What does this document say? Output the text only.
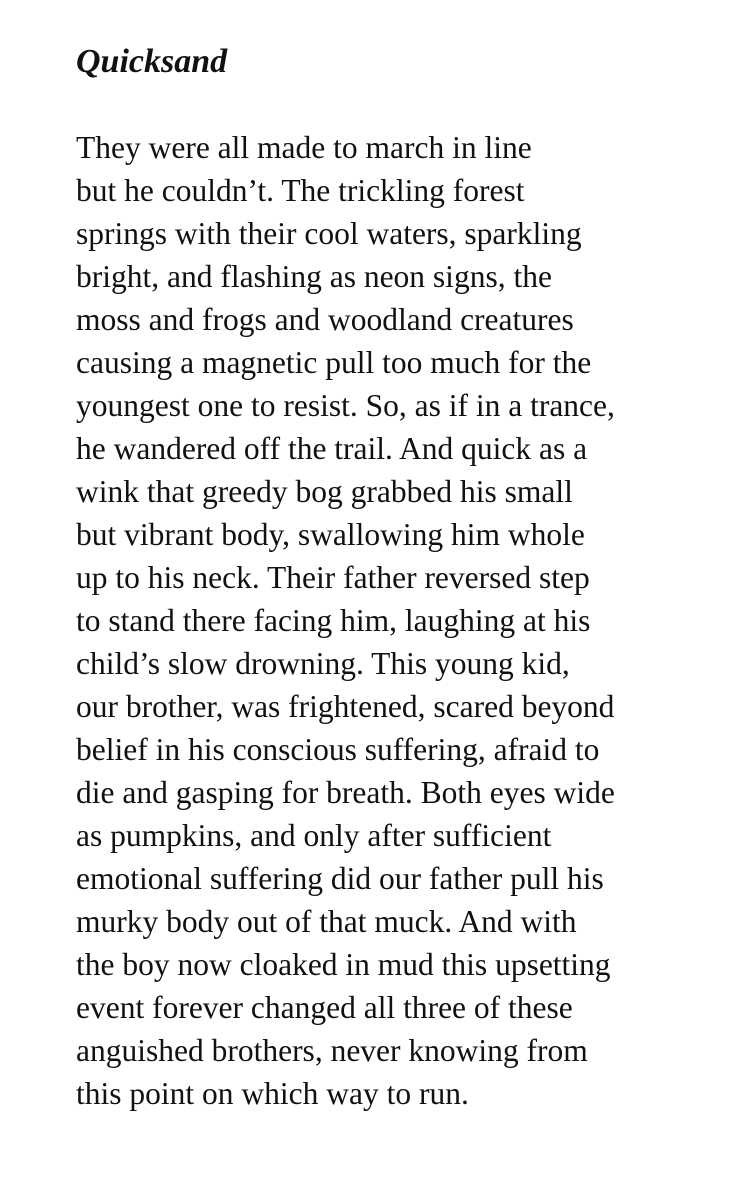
Quicksand
They were all made to march in line
but he couldn’t. The trickling forest
springs with their cool waters, sparkling
bright, and flashing as neon signs, the
moss and frogs and woodland creatures
causing a magnetic pull too much for the
youngest one to resist. So, as if in a trance,
he wandered off the trail. And quick as a
wink that greedy bog grabbed his small
but vibrant body, swallowing him whole
up to his neck. Their father reversed step
to stand there facing him, laughing at his
child’s slow drowning. This young kid,
our brother, was frightened, scared beyond
belief in his conscious suffering, afraid to
die and gasping for breath. Both eyes wide
as pumpkins, and only after sufficient
emotional suffering did our father pull his
murky body out of that muck. And with
the boy now cloaked in mud this upsetting
event forever changed all three of these
anguished brothers, never knowing from
this point on which way to run.
